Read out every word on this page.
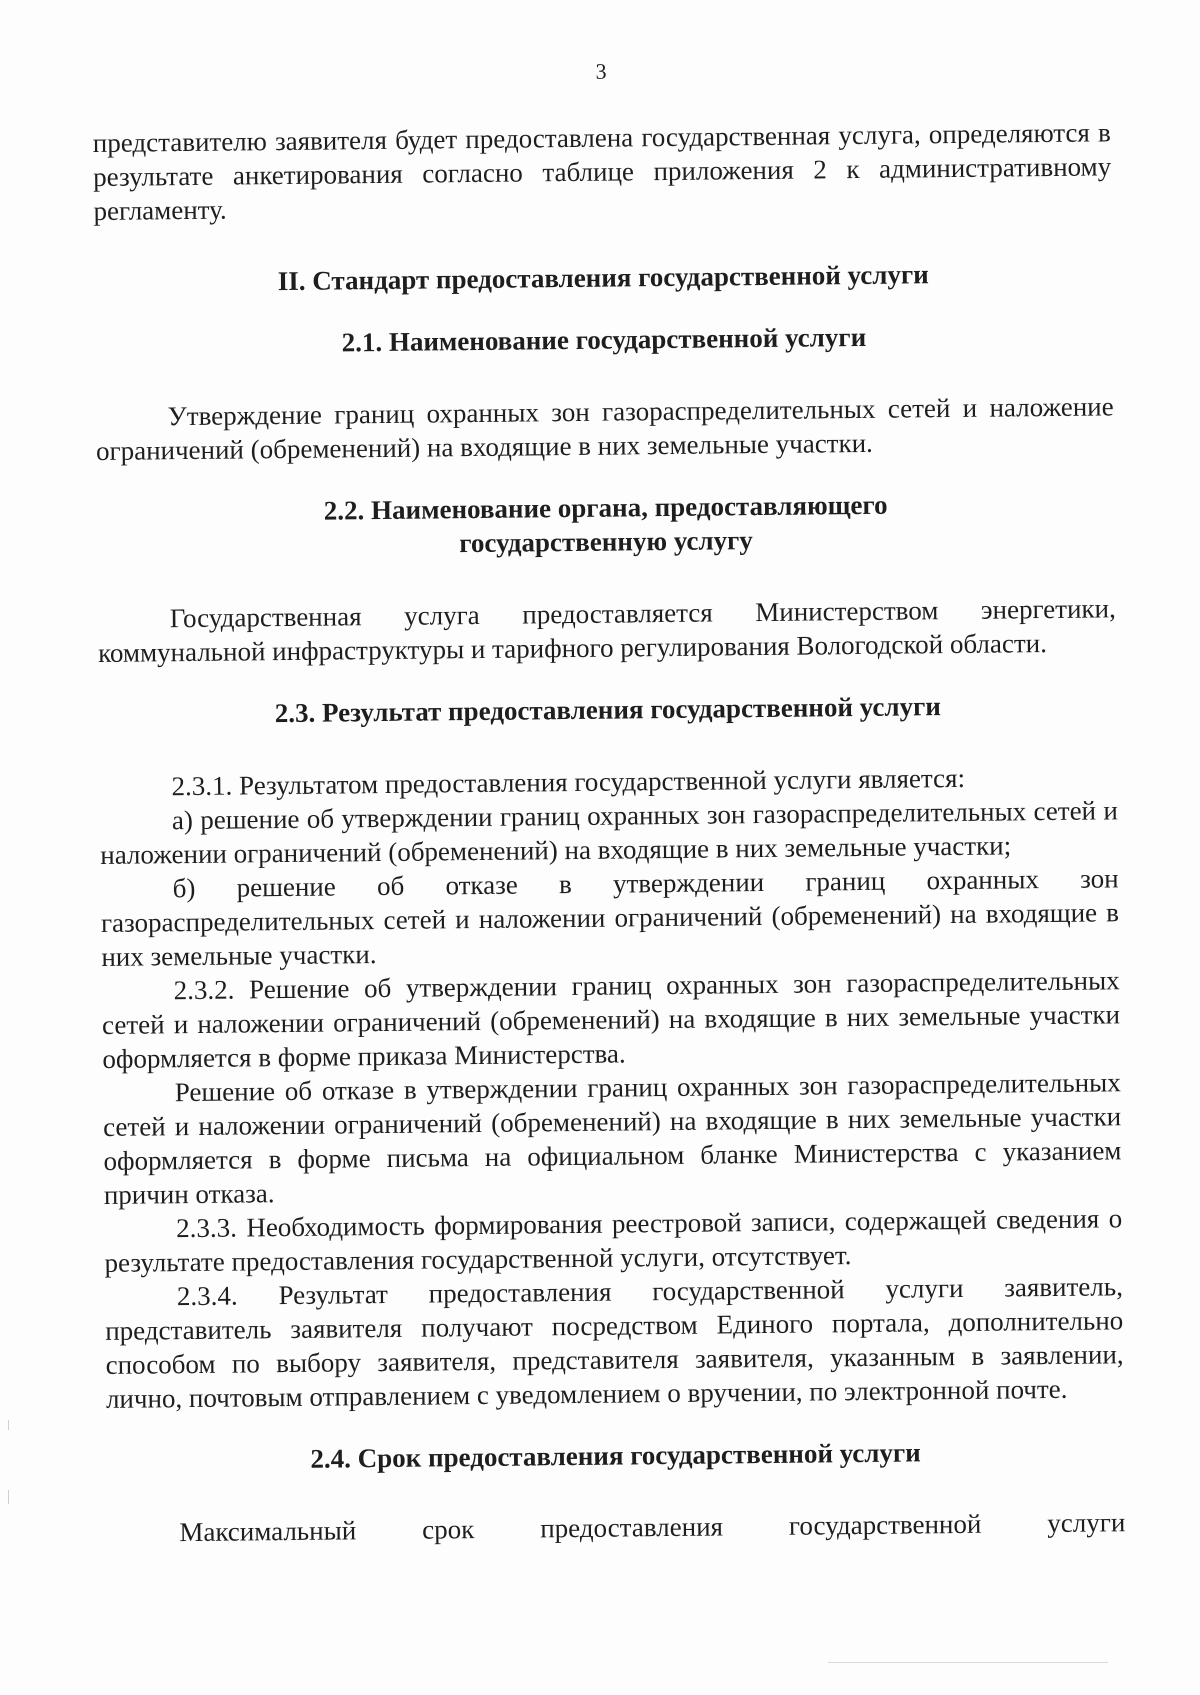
3

представителю заявителя будет предоставлена государственная услуга, определяются в результате анкетирования согласно таблице приложения 2 к административному регламенту.

II. Стандарт предоставления государственной услуги
2.1. Наименование государственной услуги

Утверждение границ охранных зон газораспределительных сетей и наложение ограничений (обременений) на входящие в них земельные участки.

2.2. Наименование органа, предоставляющего
государственную услугу

Государственная услуга предоставляется Министерством энергетики, коммунальной инфраструктуры и тарифного регулирования Вологодской области.

2.3. Результат предоставления государственной услуги

2.3.1. Результатом предоставления государственной услуги является:

а) решение об утверждении границ охранных зон газораспределительных сетей и наложении ограничений (обременений) на входящие в них земельные участки;

б) решение об отказе в утверждении границ охранных зон газораспределительных сетей и наложении ограничений (обременений) на входящие в них земельные участки.

2.3.2. Решение об утверждении границ охранных зон газораспределительных сетей и наложении ограничений (обременений) на входящие в них земельные участки оформляется в форме приказа Министерства.

Решение об отказе в утверждении границ охранных зон газораспределительных сетей и наложении ограничений (обременений) на входящие в них земельные участки оформляется в форме письма на официальном бланке Министерства с указанием причин отказа.

2.3.3. Необходимость формирования реестровой записи, содержащей сведения о результате предоставления государственной услуги, отсутствует.

2.3.4. Результат предоставления государственной услуги заявитель, представитель заявителя получают посредством Единого портала, дополнительно способом по выбору заявителя, представителя заявителя, указанным в заявлении, лично, почтовым отправлением с уведомлением о вручении, по электронной почте.

2.4. Срок предоставления государственной услуги

Максимальный срок предоставления государственной услуги
